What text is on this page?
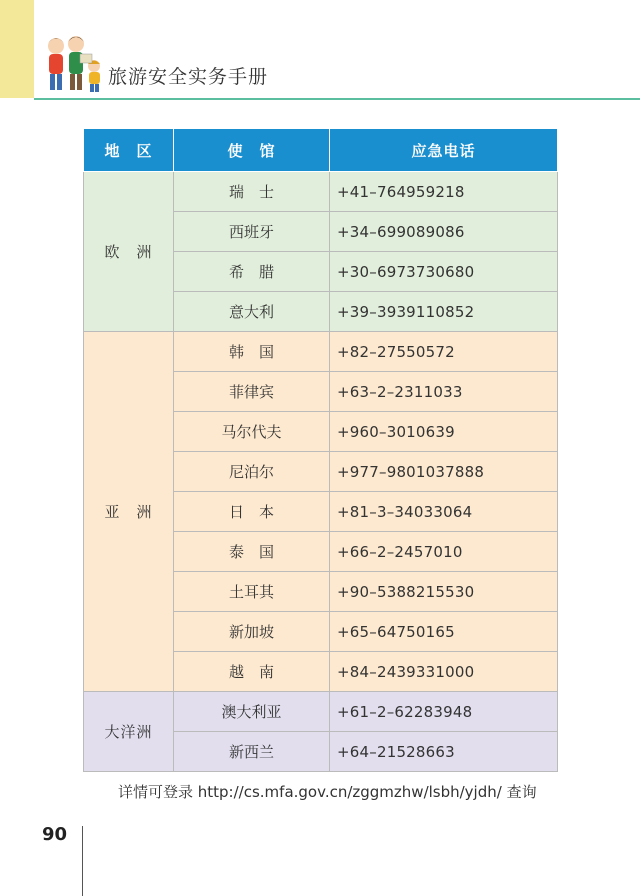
旅游安全实务手册
地　区	使　馆	应急电话
欧　洲	瑞　士	+41–764959218
	西班牙	+34–699089086
	希　腊	+30–6973730680
	意大利	+39–3939110852
亚　洲	韩　国	+82–27550572
	菲律宾	+63–2–2311033
	马尔代夫	+960–3010639
	尼泊尔	+977–9801037888
	日　本	+81–3–34033064
	泰　国	+66–2–2457010
	土耳其	+90–5388215530
	新加坡	+65–64750165
	越　南	+84–2439331000
大洋洲	澳大利亚	+61–2–62283948
	新西兰	+64–21528663
详情可登录 http://cs.mfa.gov.cn/zggmzhw/lsbh/yjdh/ 查询
90
